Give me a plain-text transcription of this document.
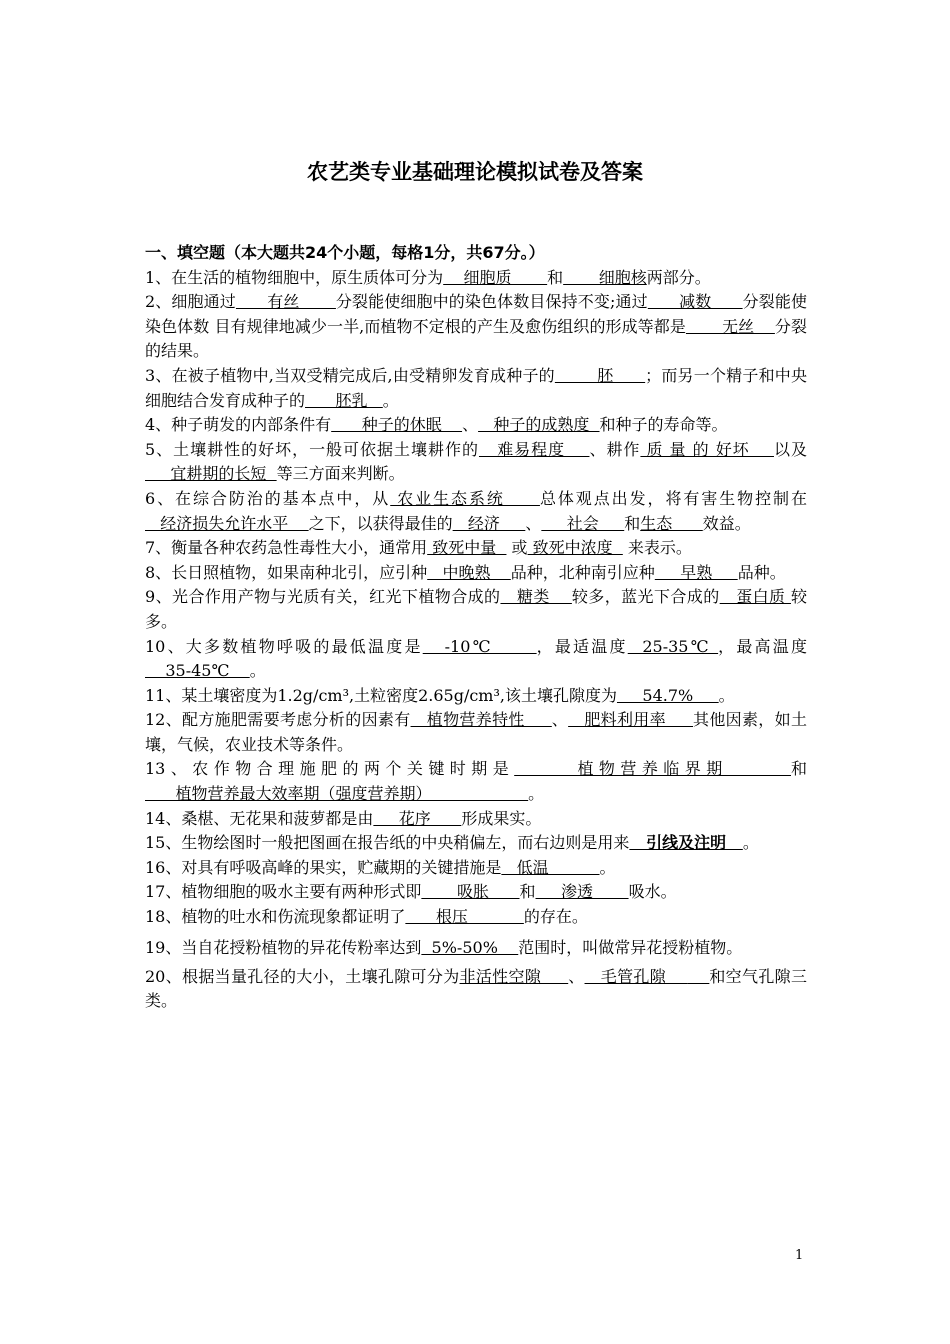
农艺类专业基础理论模拟试卷及答案
一、填空题（本大题共24个小题，每格1分，共67分。）
1、在生活的植物细胞中，原生质体可分为    细胞质       和       细胞核两部分。
2、细胞通过      有丝       分裂能使细胞中的染色体数目保持不变;通过      减数      分裂能使染色体数 目有规律地减少一半,而植物不定根的产生及愈伤组织的形成等都是       无丝    分裂的结果。
3、在被子植物中,当双受精完成后,由受精卵发育成种子的        胚      ；而另一个精子和中央细胞结合发育成种子的      胚乳   。
4、种子萌发的内部条件有      种子的休眠    、   种子的成熟度  和种子的寿命等。
5、土壤耕性的好坏，一般可依据土壤耕作的   难易程度    、耕作 质 量 的 好坏    以及     宜耕期的长短  等三方面来判断。
6、在综合防治的基本点中，从 农业生态系统     总体观点出发，将有害生物控制在   经济损失允许水平    之下，以获得最佳的   经济     、     社会     和生态      效益。
7、衡量各种农药急性毒性大小，通常用 致死中量   或 致死中浓度   来表示。
8、长日照植物，如果南种北引，应引种   中晚熟    品种，北种南引应种     早熟     品种。
9、光合作用产物与光质有关，红光下植物合成的   糖类    较多，蓝光下合成的   蛋白质 较多。
10、大多数植物呼吸的最低温度是   -10℃      ，最适温度  25-35℃ ，最高温度    35-45℃    。
11、某土壤密度为1.2g/cm³,土粒密度2.65g/cm³,该土壤孔隙度为     54.7%     。
12、配方施肥需要考虑分析的因素有   植物营养特性     、   肥料利用率     其他因素，如土壤，气候，农业技术等条件。
13、农作物合理施肥的两个关键时期是      植物营养临界期      和      植物营养最大效率期（强度营养期）                   。
14、桑椹、无花果和菠萝都是由     花序      形成果实。
15、生物绘图时一般把图画在报告纸的中央稍偏左，而右边则是用来   引线及注明   。
16、对具有呼吸高峰的果实，贮藏期的关键措施是   低温          。
17、植物细胞的吸水主要有两种形式即       吸胀      和     渗透       吸水。
18、植物的吐水和伤流现象都证明了      根压           的存在。
19、当自花授粉植物的异花传粉率达到  5%-50%    范围时，叫做常异花授粉植物。
20、根据当量孔径的大小，土壤孔隙可分为非活性空隙     、   毛管孔隙        和空气孔隙三类。
1
